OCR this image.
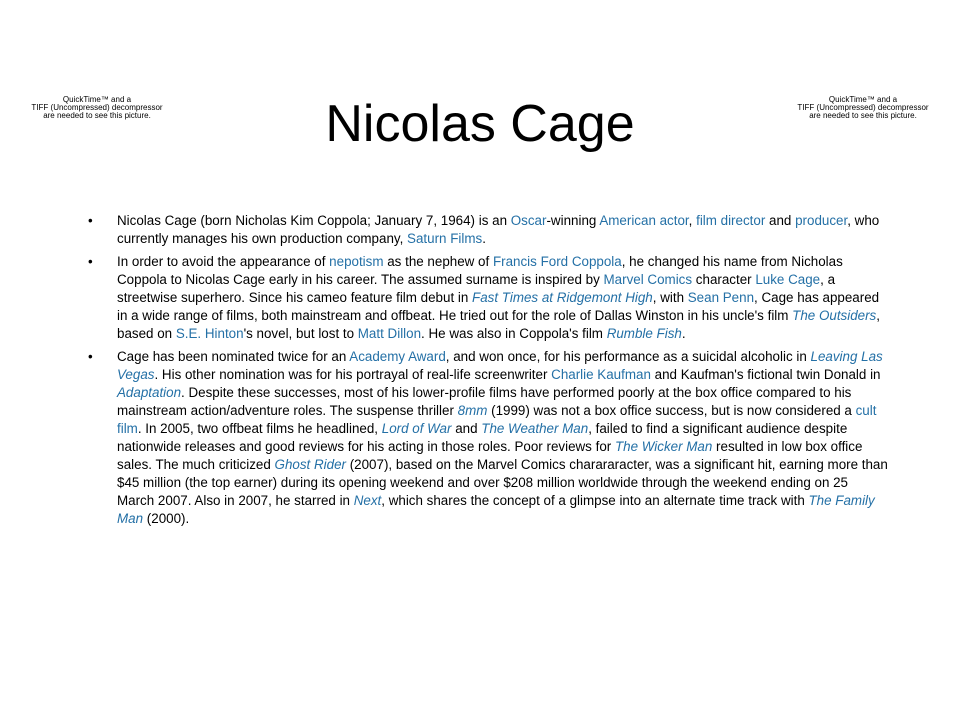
QuickTime™ and a
TIFF (Uncompressed) decompressor
are needed to see this picture.
QuickTime™ and a
TIFF (Uncompressed) decompressor
are needed to see this picture.
Nicolas Cage
• Nicolas Cage (born Nicholas Kim Coppola; January 7, 1964) is an Oscar-winning American actor, film director and producer, who currently manages his own production company, Saturn Films.
• In order to avoid the appearance of nepotism as the nephew of Francis Ford Coppola, he changed his name from Nicholas Coppola to Nicolas Cage early in his career. The assumed surname is inspired by Marvel Comics character Luke Cage, a streetwise superhero. Since his cameo feature film debut in Fast Times at Ridgemont High, with Sean Penn, Cage has appeared in a wide range of films, both mainstream and offbeat. He tried out for the role of Dallas Winston in his uncle's film The Outsiders, based on S.E. Hinton's novel, but lost to Matt Dillon. He was also in Coppola's film Rumble Fish.
• Cage has been nominated twice for an Academy Award, and won once, for his performance as a suicidal alcoholic in Leaving Las Vegas. His other nomination was for his portrayal of real-life screenwriter Charlie Kaufman and Kaufman's fictional twin Donald in Adaptation. Despite these successes, most of his lower-profile films have performed poorly at the box office compared to his mainstream action/adventure roles. The suspense thriller 8mm (1999) was not a box office success, but is now considered a cult film. In 2005, two offbeat films he headlined, Lord of War and The Weather Man, failed to find a significant audience despite nationwide releases and good reviews for his acting in those roles. Poor reviews for The Wicker Man resulted in low box office sales. The much criticized Ghost Rider (2007), based on the Marvel Comics charararacter, was a significant hit, earning more than $45 million (the top earner) during its opening weekend and over $208 million worldwide through the weekend ending on 25 March 2007. Also in 2007, he starred in Next, which shares the concept of a glimpse into an alternate time track with The Family Man (2000).
